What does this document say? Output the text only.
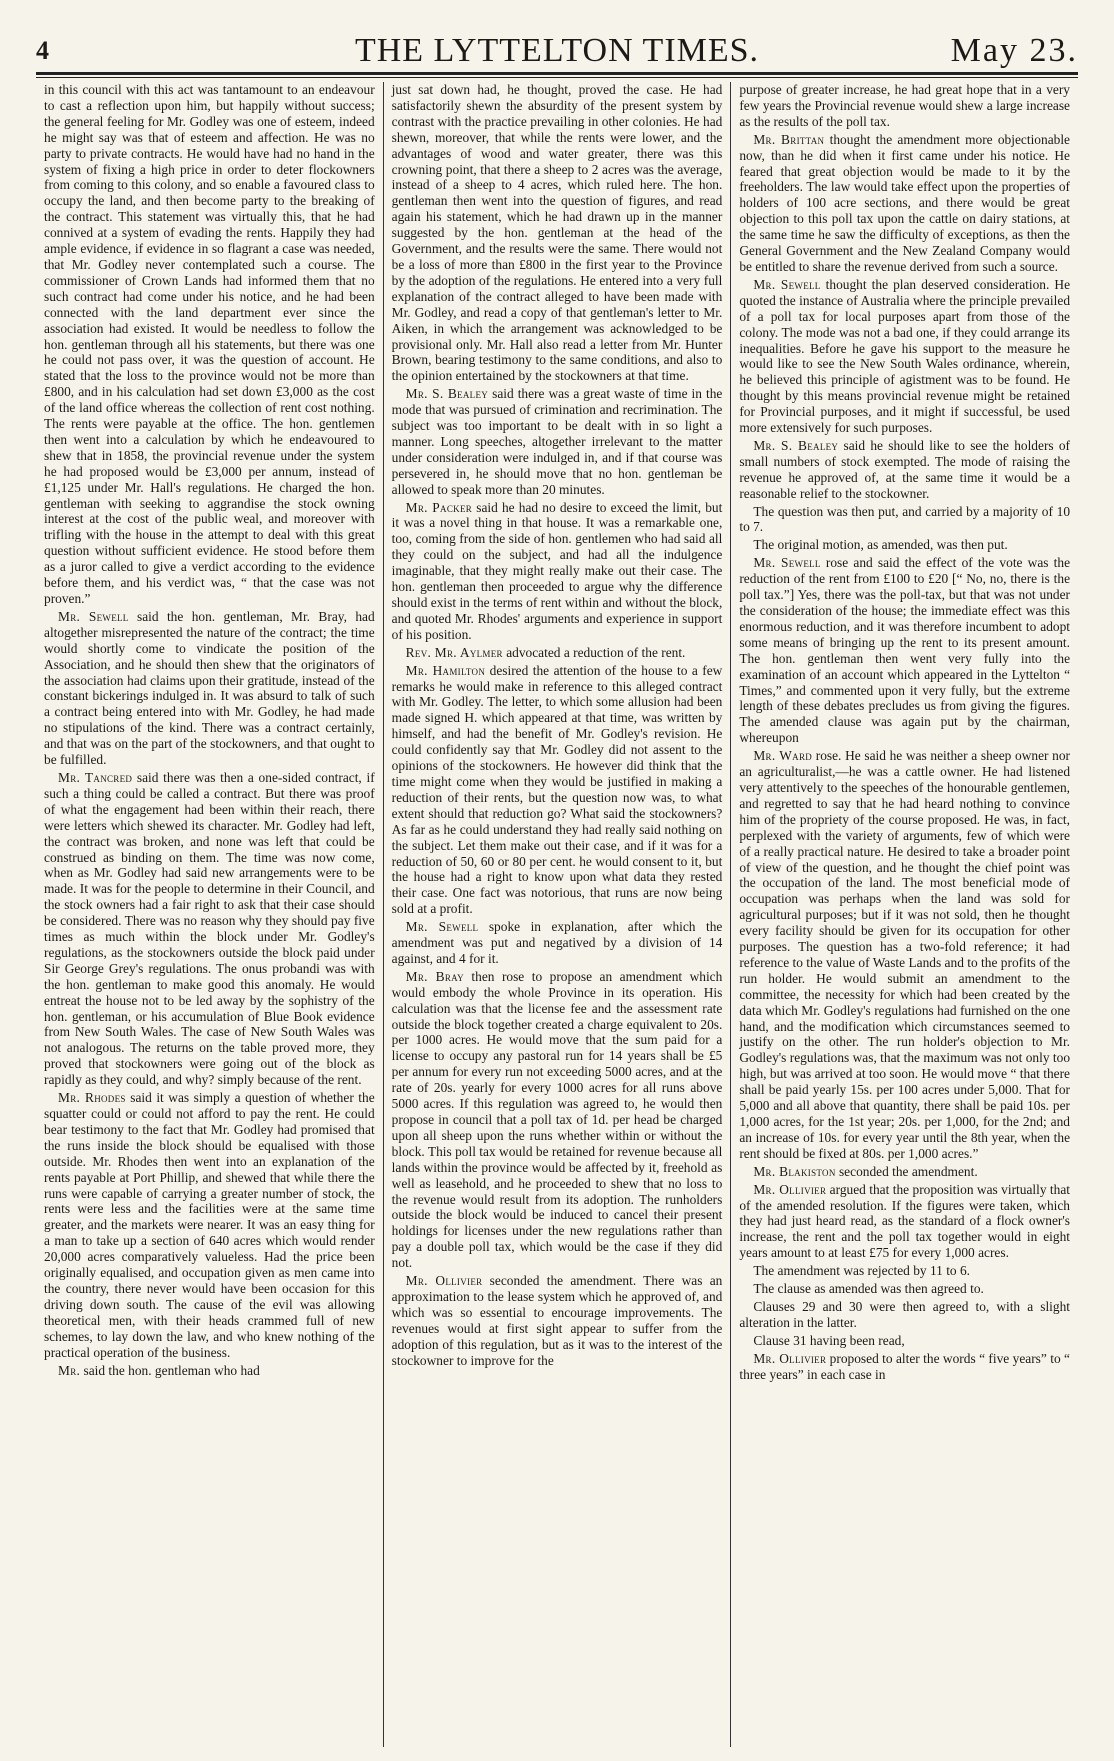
4	THE LYTTELTON TIMES.	May 23.

in this council with this act was tantamount to an endeavour to cast a reflection upon him, but happily without success; the general feeling for Mr. Godley was one of esteem, indeed he might say was that of esteem and affection. He was no party to private contracts. He would have had no hand in the system of fixing a high price in order to deter flockowners from coming to this colony, and so enable a favoured class to occupy the land, and then become party to the breaking of the contract. This statement was virtually this, that he had connived at a system of evading the rents. Happily they had ample evidence, if evidence in so flagrant a case was needed, that Mr. Godley never contemplated such a course. The commissioner of Crown Lands had informed them that no such contract had come under his notice, and he had been connected with the land department ever since the association had existed. It would be needless to follow the hon. gentleman through all his statements, but there was one he could not pass over, it was the question of account. He stated that the loss to the province would not be more than £800, and in his calculation had set down £3,000 as the cost of the land office whereas the collection of rent cost nothing. The rents were payable at the office. The hon. gentlemen then went into a calculation by which he endeavoured to shew that in 1858, the provincial revenue under the system he had proposed would be £3,000 per annum, instead of £1,125 under Mr. Hall's regulations. He charged the hon. gentleman with seeking to aggrandise the stock owning interest at the cost of the public weal, and moreover with trifling with the house in the attempt to deal with this great question without sufficient evidence. He stood before them as a juror called to give a verdict according to the evidence before them, and his verdict was, “ that the case was not proven.”

Mr. Sewell said the hon. gentleman, Mr. Bray, had altogether misrepresented the nature of the contract; the time would shortly come to vindicate the position of the Association, and he should then shew that the originators of the association had claims upon their gratitude, instead of the constant bickerings indulged in. It was absurd to talk of such a contract being entered into with Mr. Godley, he had made no stipulations of the kind. There was a contract certainly, and that was on the part of the stockowners, and that ought to be fulfilled.

Mr. Tancred said there was then a one-sided contract, if such a thing could be called a contract. But there was proof of what the engagement had been within their reach, there were letters which shewed its character. Mr. Godley had left, the contract was broken, and none was left that could be construed as binding on them. The time was now come, when as Mr. Godley had said new arrangements were to be made. It was for the people to determine in their Council, and the stock owners had a fair right to ask that their case should be considered. There was no reason why they should pay five times as much within the block under Mr. Godley's regulations, as the stockowners outside the block paid under Sir George Grey's regulations. The onus probandi was with the hon. gentleman to make good this anomaly. He would entreat the house not to be led away by the sophistry of the hon. gentleman, or his accumulation of Blue Book evidence from New South Wales. The case of New South Wales was not analogous. The returns on the table proved more, they proved that stockowners were going out of the block as rapidly as they could, and why? simply because of the rent.

Mr. Rhodes said it was simply a question of whether the squatter could or could not afford to pay the rent. He could bear testimony to the fact that Mr. Godley had promised that the runs inside the block should be equalised with those outside. Mr. Rhodes then went into an explanation of the rents payable at Port Phillip, and shewed that while there the runs were capable of carrying a greater number of stock, the rents were less and the facilities were at the same time greater, and the markets were nearer. It was an easy thing for a man to take up a section of 640 acres which would render 20,000 acres comparatively valueless. Had the price been originally equalised, and occupation given as men came into the country, there never would have been occasion for this driving down south. The cause of the evil was allowing theoretical men, with their heads crammed full of new schemes, to lay down the law, and who knew nothing of the practical operation of the business.

Mr. said the hon. gentleman who had

just sat down had, he thought, proved the case. He had satisfactorily shewn the absurdity of the present system by contrast with the practice prevailing in other colonies. He had shewn, moreover, that while the rents were lower, and the advantages of wood and water greater, there was this crowning point, that there a sheep to 2 acres was the average, instead of a sheep to 4 acres, which ruled here. The hon. gentleman then went into the question of figures, and read again his statement, which he had drawn up in the manner suggested by the hon. gentleman at the head of the Government, and the results were the same. There would not be a loss of more than £800 in the first year to the Province by the adoption of the regulations. He entered into a very full explanation of the contract alleged to have been made with Mr. Godley, and read a copy of that gentleman's letter to Mr. Aiken, in which the arrangement was acknowledged to be provisional only. Mr. Hall also read a letter from Mr. Hunter Brown, bearing testimony to the same conditions, and also to the opinion entertained by the stockowners at that time.

Mr. S. Bealey said there was a great waste of time in the mode that was pursued of crimination and recrimination. The subject was too important to be dealt with in so light a manner. Long speeches, altogether irrelevant to the matter under consideration were indulged in, and if that course was persevered in, he should move that no hon. gentleman be allowed to speak more than 20 minutes.

Mr. Packer said he had no desire to exceed the limit, but it was a novel thing in that house. It was a remarkable one, too, coming from the side of hon. gentlemen who had said all they could on the subject, and had all the indulgence imaginable, that they might really make out their case. The hon. gentleman then proceeded to argue why the difference should exist in the terms of rent within and without the block, and quoted Mr. Rhodes' arguments and experience in support of his position.

Rev. Mr. Aylmer advocated a reduction of the rent.

Mr. Hamilton desired the attention of the house to a few remarks he would make in reference to this alleged contract with Mr. Godley. The letter, to which some allusion had been made signed H. which appeared at that time, was written by himself, and had the benefit of Mr. Godley's revision. He could confidently say that Mr. Godley did not assent to the opinions of the stockowners. He however did think that the time might come when they would be justified in making a reduction of their rents, but the question now was, to what extent should that reduction go? What said the stockowners? As far as he could understand they had really said nothing on the subject. Let them make out their case, and if it was for a reduction of 50, 60 or 80 per cent. he would consent to it, but the house had a right to know upon what data they rested their case. One fact was notorious, that runs are now being sold at a profit.

Mr. Sewell spoke in explanation, after which the amendment was put and negatived by a division of 14 against, and 4 for it.

Mr. Bray then rose to propose an amendment which would embody the whole Province in its operation. His calculation was that the license fee and the assessment rate outside the block together created a charge equivalent to 20s. per 1000 acres. He would move that the sum paid for a license to occupy any pastoral run for 14 years shall be £5 per annum for every run not exceeding 5000 acres, and at the rate of 20s. yearly for every 1000 acres for all runs above 5000 acres. If this regulation was agreed to, he would then propose in council that a poll tax of 1d. per head be charged upon all sheep upon the runs whether within or without the block. This poll tax would be retained for revenue because all lands within the province would be affected by it, freehold as well as leasehold, and he proceeded to shew that no loss to the revenue would result from its adoption. The runholders outside the block would be induced to cancel their present holdings for licenses under the new regulations rather than pay a double poll tax, which would be the case if they did not.

Mr. Ollivier seconded the amendment. There was an approximation to the lease system which he approved of, and which was so essential to encourage improvements. The revenues would at first sight appear to suffer from the adoption of this regulation, but as it was to the interest of the stockowner to improve for the

purpose of greater increase, he had great hope that in a very few years the Provincial revenue would shew a large increase as the results of the poll tax.

Mr. Brittan thought the amendment more objectionable now, than he did when it first came under his notice. He feared that great objection would be made to it by the freeholders. The law would take effect upon the properties of holders of 100 acre sections, and there would be great objection to this poll tax upon the cattle on dairy stations, at the same time he saw the difficulty of exceptions, as then the General Government and the New Zealand Company would be entitled to share the revenue derived from such a source.

Mr. Sewell thought the plan deserved consideration. He quoted the instance of Australia where the principle prevailed of a poll tax for local purposes apart from those of the colony. The mode was not a bad one, if they could arrange its inequalities. Before he gave his support to the measure he would like to see the New South Wales ordinance, wherein, he believed this principle of agistment was to be found. He thought by this means provincial revenue might be retained for Provincial purposes, and it might if successful, be used more extensively for such purposes.

Mr. S. Bealey said he should like to see the holders of small numbers of stock exempted. The mode of raising the revenue he approved of, at the same time it would be a reasonable relief to the stockowner.

The question was then put, and carried by a majority of 10 to 7.

The original motion, as amended, was then put.

Mr. Sewell rose and said the effect of the vote was the reduction of the rent from £100 to £20 [“ No, no, there is the poll tax.”] Yes, there was the poll-tax, but that was not under the consideration of the house; the immediate effect was this enormous reduction, and it was therefore incumbent to adopt some means of bringing up the rent to its present amount. The hon. gentleman then went very fully into the examination of an account which appeared in the Lyttelton “ Times,” and commented upon it very fully, but the extreme length of these debates precludes us from giving the figures. The amended clause was again put by the chairman, whereupon

Mr. Ward rose. He said he was neither a sheep owner nor an agriculturalist,—he was a cattle owner. He had listened very attentively to the speeches of the honourable gentlemen, and regretted to say that he had heard nothing to convince him of the propriety of the course proposed. He was, in fact, perplexed with the variety of arguments, few of which were of a really practical nature. He desired to take a broader point of view of the question, and he thought the chief point was the occupation of the land. The most beneficial mode of occupation was perhaps when the land was sold for agricultural purposes; but if it was not sold, then he thought every facility should be given for its occupation for other purposes. The question has a two-fold reference; it had reference to the value of Waste Lands and to the profits of the run holder. He would submit an amendment to the committee, the necessity for which had been created by the data which Mr. Godley's regulations had furnished on the one hand, and the modification which circumstances seemed to justify on the other. The run holder's objection to Mr. Godley's regulations was, that the maximum was not only too high, but was arrived at too soon. He would move “ that there shall be paid yearly 15s. per 100 acres under 5,000. That for 5,000 and all above that quantity, there shall be paid 10s. per 1,000 acres, for the 1st year; 20s. per 1,000, for the 2nd; and an increase of 10s. for every year until the 8th year, when the rent should be fixed at 80s. per 1,000 acres.”

Mr. Blakiston seconded the amendment.

Mr. Ollivier argued that the proposition was virtually that of the amended resolution. If the figures were taken, which they had just heard read, as the standard of a flock owner's increase, the rent and the poll tax together would in eight years amount to at least £75 for every 1,000 acres.

The amendment was rejected by 11 to 6.

The clause as amended was then agreed to.

Clauses 29 and 30 were then agreed to, with a slight alteration in the latter.

Clause 31 having been read,

Mr. Ollivier proposed to alter the words “ five years” to “ three years” in each case in
